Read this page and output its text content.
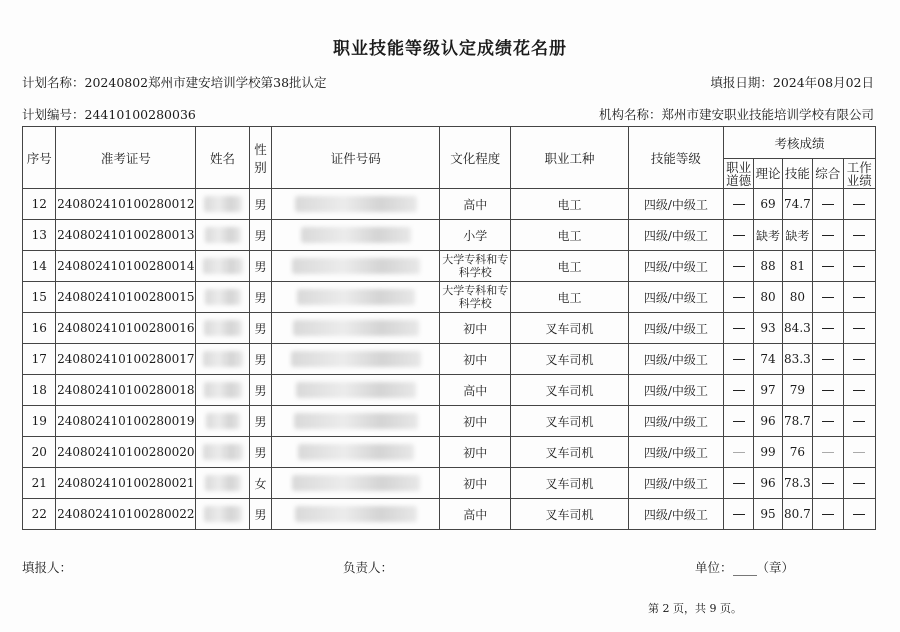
职业技能等级认定成绩花名册
计划名称：20240802郑州市建安培训学校第38批认定	填报日期：2024年08月02日
计划编号：24410100280036	机构名称：郑州市建安职业技能培训学校有限公司
序号	准考证号	姓名	性别	证件号码	文化程度	职业工种	技能等级	考核成绩				
								职业道德	理论	技能	综合	工作业绩
12	240802410100280012		男		高中	电工	四级/中级工		69	74.7		
13	240802410100280013		男		小学	电工	四级/中级工		缺考	缺考		
14	240802410100280014		男		大学专科和专科学校	电工	四级/中级工		88	81		
15	240802410100280015		男		大学专科和专科学校	电工	四级/中级工		80	80		
16	240802410100280016		男		初中	叉车司机	四级/中级工		93	84.3		
17	240802410100280017		男		初中	叉车司机	四级/中级工		74	83.3		
18	240802410100280018		男		高中	叉车司机	四级/中级工		97	79		
19	240802410100280019		男		初中	叉车司机	四级/中级工		96	78.7		
20	240802410100280020		男		初中	叉车司机	四级/中级工		99	76		
21	240802410100280021		女		初中	叉车司机	四级/中级工		96	78.3		
22	240802410100280022		男		高中	叉车司机	四级/中级工		95	80.7		
填报人：	负责人：	单位： （章）
第 2 页，共 9 页。
